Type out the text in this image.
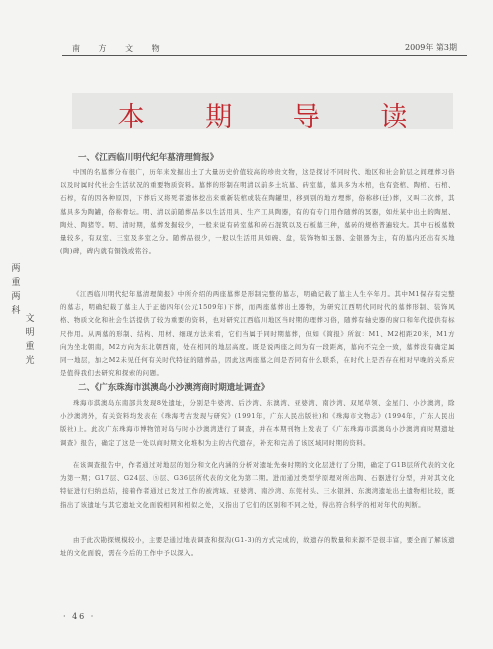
南 方 文 物	2009年 第3期
本 期 导 读
两重两科
文明重光
一、《江西临川明代纪年墓清理简报》

中国的名墓葬分布很广，历年来发掘出土了大量历史价值较高的珍贵文物，这是探讨不同时代、地区和社会阶层之间理葬习俗以及时属时代社会生活状况的重要物质资料。墓葬的形制在明清以前多土坑墓、砖室墓，墓具多为木棺，也有瓷棺、陶棺、石棺、石椁，有的因各种原因，下葬后又将死者遗体挖出来重新装棺或装在陶罐里，移到别的地方埋葬，俗称移(迁)葬，又叫二次葬，其墓具多为陶罐，俗称骨坛。明、清以前随葬品多以生活用具、生产工具陶器，有的有专门用作随葬的冥器，如灶某中出土的陶屋、陶灶、陶猪等。明、清时期，墓葬发掘较少，一般来说有砖室墓和砖石混筑以及石板墓三种，墓砖的规格普遍较大。其中石板墓数量较多，有双室、三室及多室之分。随葬品很少，一般以生活用具如碗、盘，装饰物如玉器、金银器为主，有的墓内还出有买地(陶)碑，碑内就有铜钱或铭谷。

《江西临川明代纪年墓清理简报》中所介绍的两座墓葬是形制完整的墓志，明确记载了墓主人生卒年月。其中M1保存有完整的墓志，明确纪载了墓主人于正德四年(公元1509年)下葬，而两座墓葬出土器物，为研究江西明代同时代的墓葬形制、装饰风格、物质文化和社会生活提供了较为重要的资料，也对研究江西临川地区当时期的理葬习俗，随葬有轴史器的窗口和年代提供有标尺作用。从两墓的形制、结构、用材、细现方法来看，它们当属于同时期墓葬，但如《简报》所叙：M1、M2相距20米，M1方向为坐北朝南，M2方向为东北朝西南，处在相同的地层高度。既是说两座之间为有一段距离，墓向不完全一致，墓葬没有确定属同一地层，加之M2未见任何有关时代特征的随葬品，因此这两座墓之间是否同有什么联系，在时代上是否存在相对早晚的关系应是值得我们去研究和探索的问题。

二、《广东珠海市淇澳岛小沙澳湾商时期遗址调查》

珠海市淇澳岛东南部共发现8处遗址，分别是牛婆湾、后沙湾、东澳湾、亚婆湾、南沙湾、双尾草领、金星门、小沙澳湾，除小沙澳湾外，有关资料均发表在《珠海考古发现与研究》(1991年，广东人民出版社)和《珠海市文物志》(1994年，广东人民出版社)上。此次广东珠海市博物馆对岛与时小沙澳湾进行了调查，并在本期刊物上发表了《广东珠海市淇澳岛小沙澳湾商时期遗址调查》报告，确定了这是一处以商时期文化堆积为主的古代遗存，补充和完善了该区域同时期的资料。

在该调查报告中，作者通过对地层的划分和文化内涵的分析对遗址先秦时期的文化层进行了分期，确定了G1B层所代表的文化为第一期；G17层、G24层、⑤层、G36层所代表的文化为第二期。进而通过类型学原理对所出陶、石器进行分型，并对其文化特征进行归纳总结，接着作者通过已发过工作的被湾域、亚婆湾、南沙湾、东莞村头、三水银洲、东澳湾遗址出土遗物相比较，既指出了该遗址与其它遗址文化面貌相同和相似之处，又指出了它们的区别和不同之处，得出符合科学的相对年代的判断。

由于此次勘探规模较小，主要是通过地表调查和探沟(G1-3)的方式完成的，故遗存的数量和来源不是很丰富，要全面了解该遗址的文化面貌，需在今后的工作中予以深入。

· 46 ·
